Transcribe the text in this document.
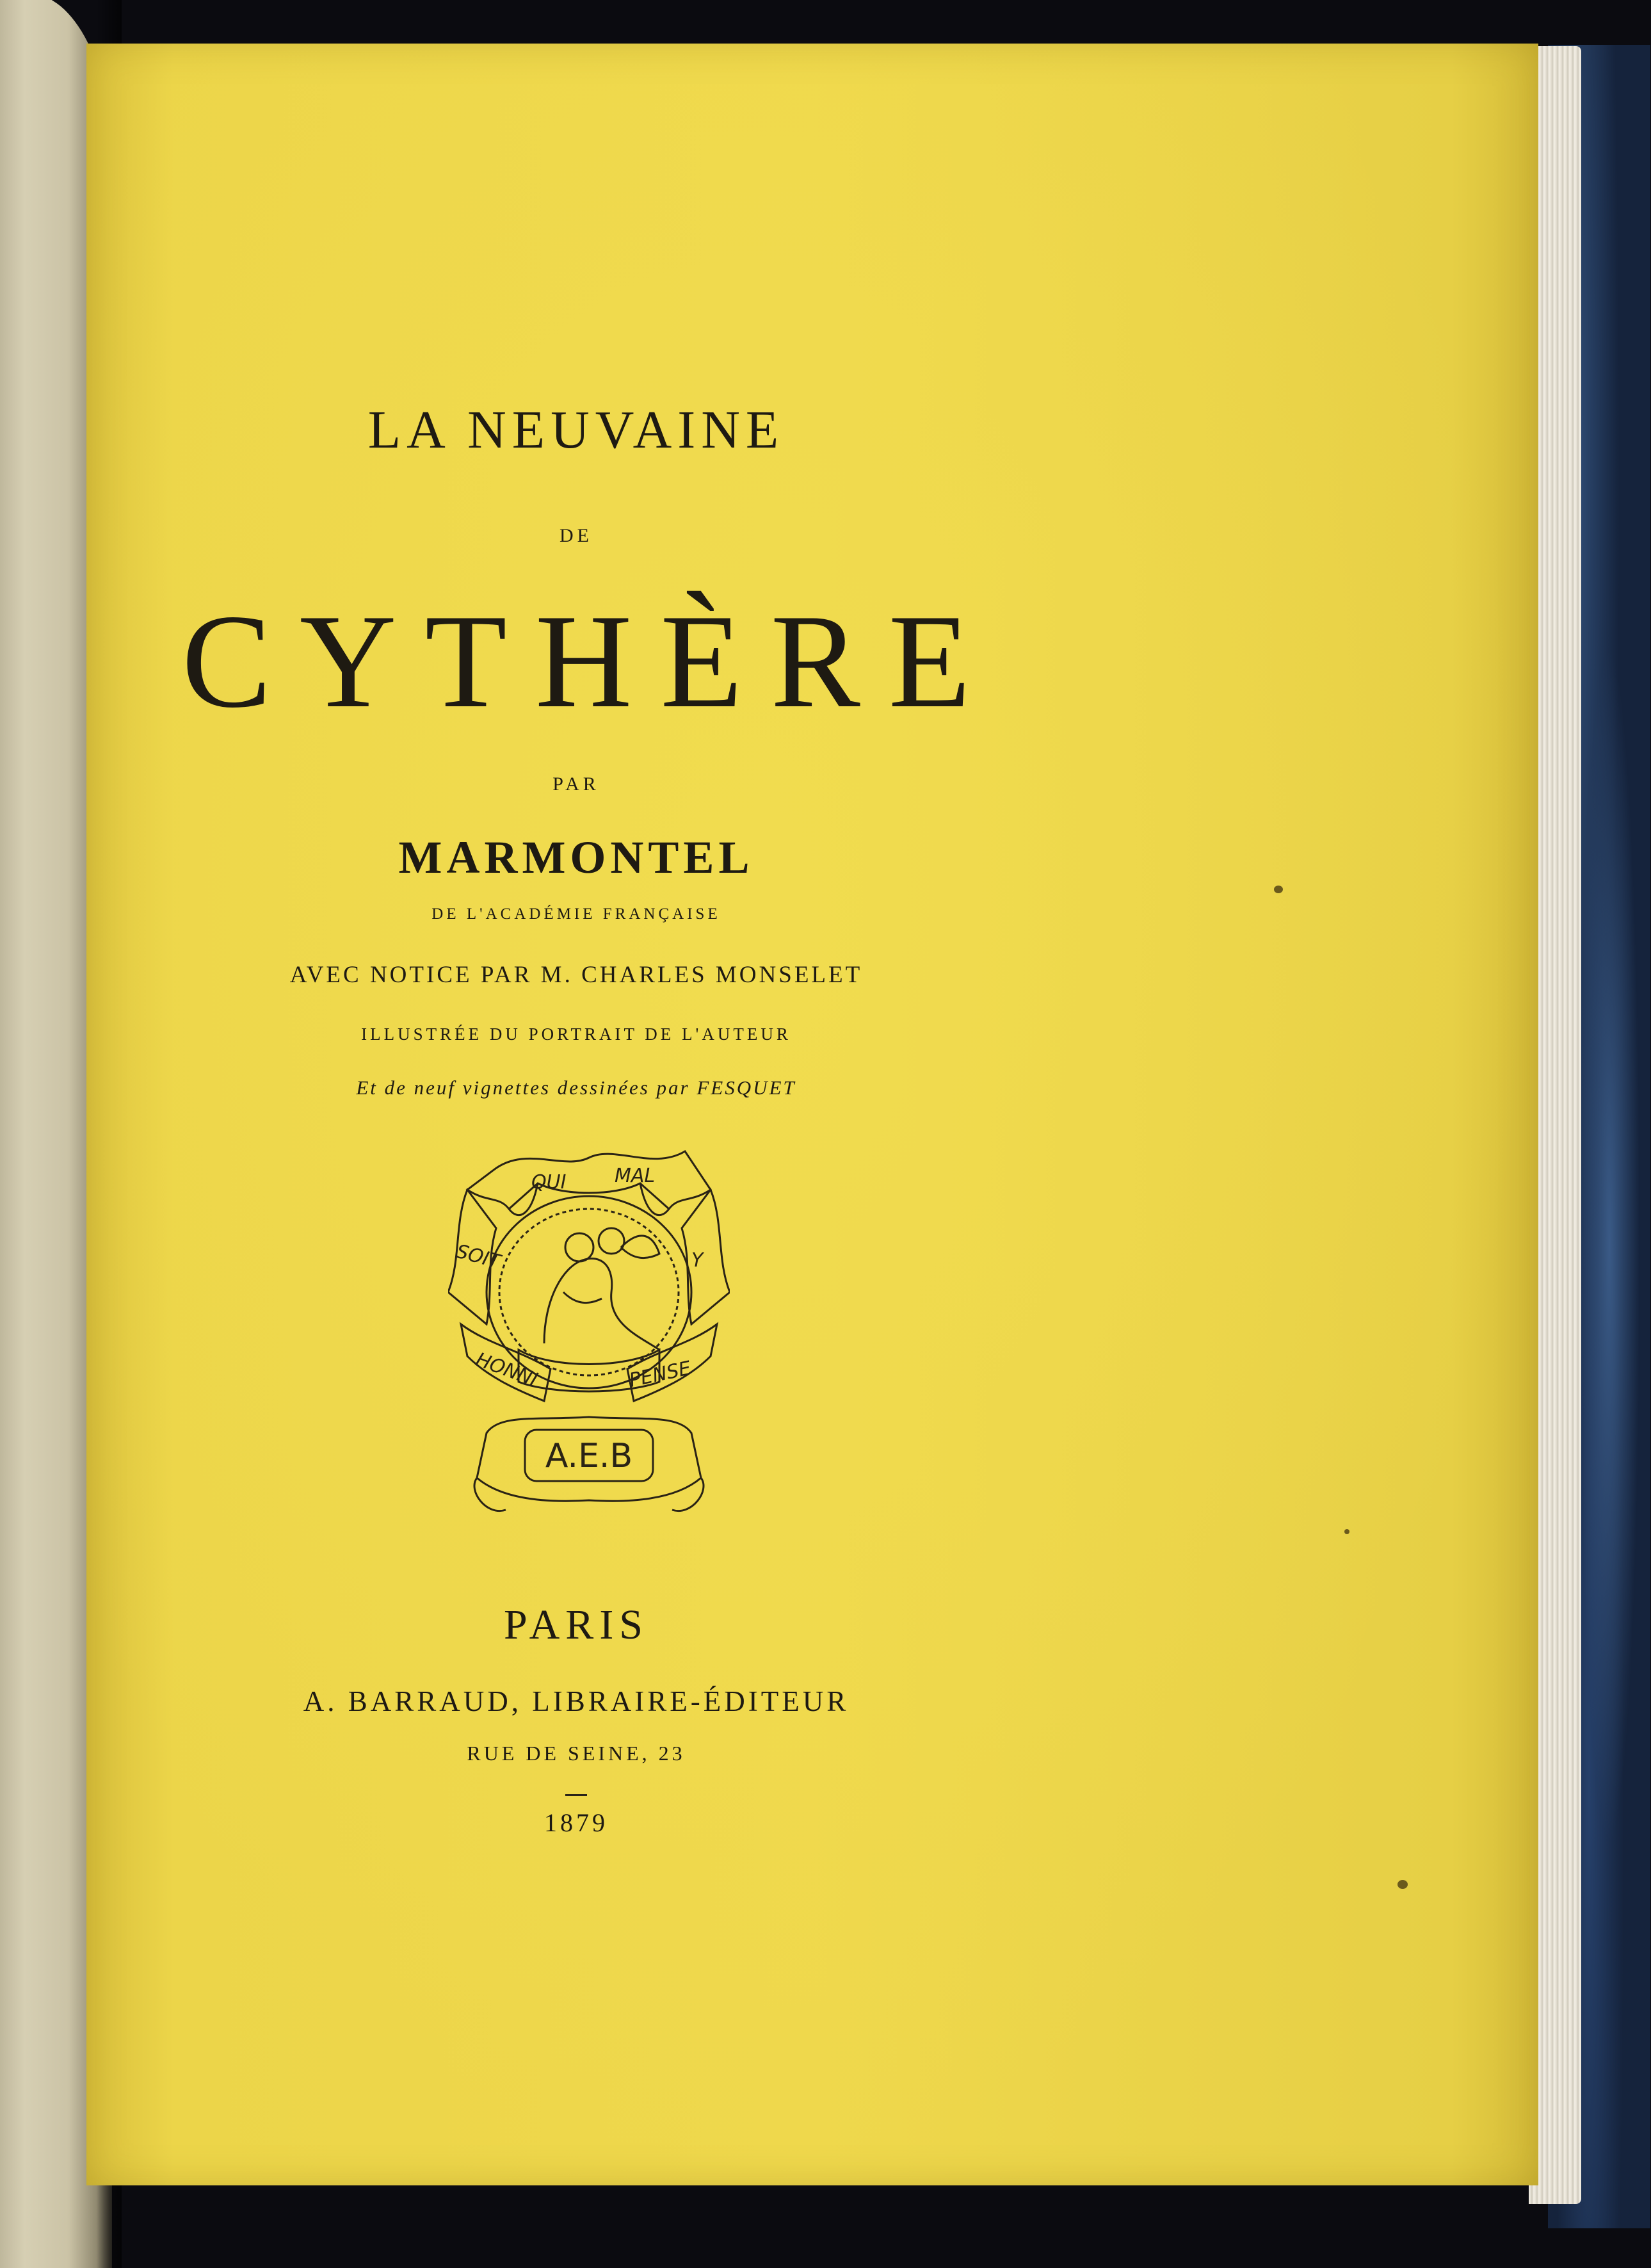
LA NEUVAINE

DE

CYTHÈRE

PAR

MARMONTEL

DE L'ACADÉMIE FRANÇAISE

AVEC NOTICE PAR M. CHARLES MONSELET

ILLUSTRÉE DU PORTRAIT DE L'AUTEUR

Et de neuf vignettes dessinées par FESQUET

QUI	MAL
SOIT	Y
HONNI	PENSE
A.E.B

PARIS

A. BARRAUD, LIBRAIRE-ÉDITEUR

RUE DE SEINE, 23

1879
